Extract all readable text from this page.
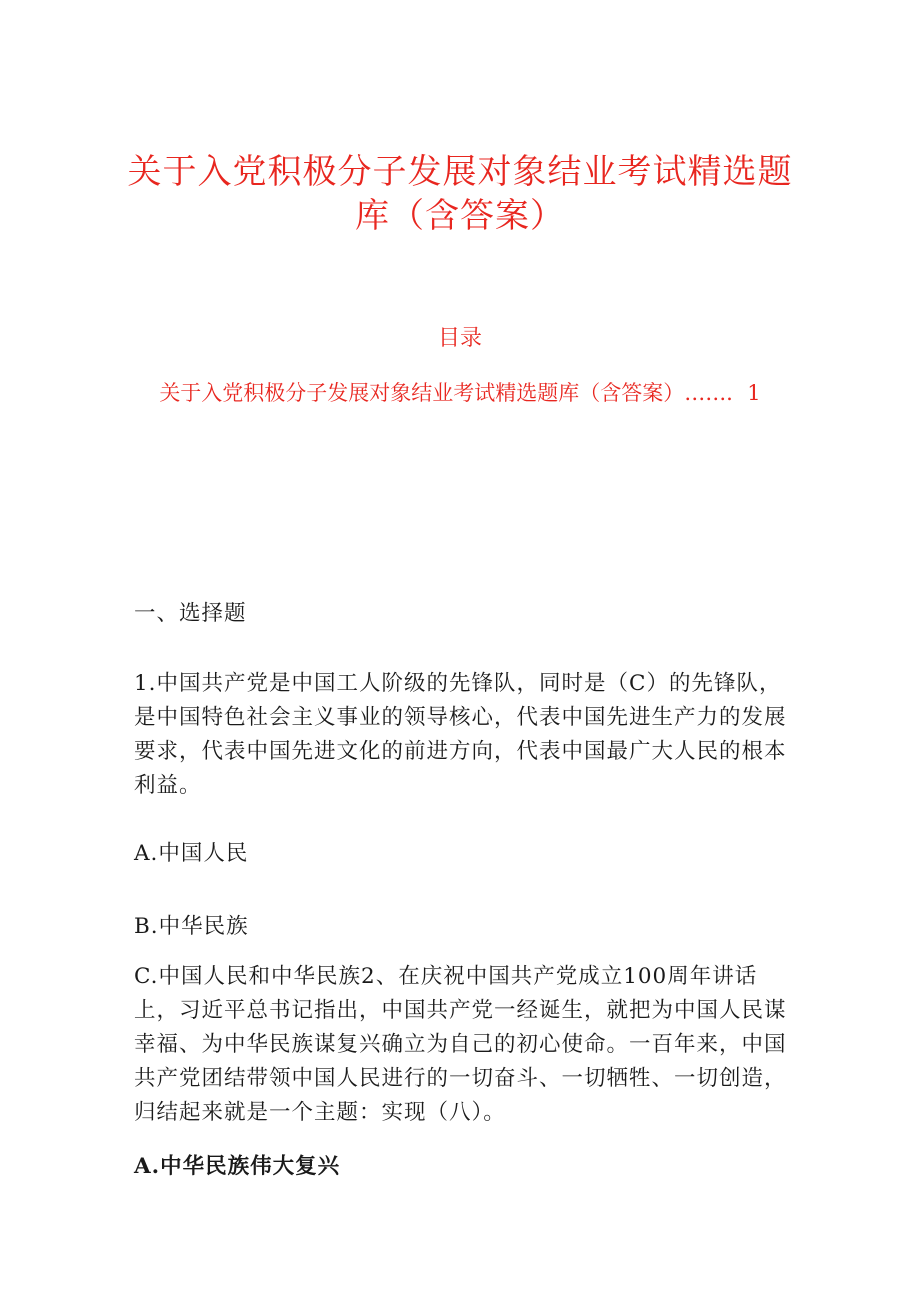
关于入党积极分子发展对象结业考试精选题库（含答案）
目录
关于入党积极分子发展对象结业考试精选题库（含答案）……．1
一、选择题
1.中国共产党是中国工人阶级的先锋队，同时是（C）的先锋队，是中国特色社会主义事业的领导核心，代表中国先进生产力的发展要求，代表中国先进文化的前进方向，代表中国最广大人民的根本利益。
A.中国人民
B.中华民族
C.中国人民和中华民族2、在庆祝中国共产党成立100周年讲话上，习近平总书记指出，中国共产党一经诞生，就把为中国人民谋幸福、为中华民族谋复兴确立为自己的初心使命。一百年来，中国共产党团结带领中国人民进行的一切奋斗、一切牺牲、一切创造，归结起来就是一个主题：实现（八）。
A.中华民族伟大复兴
